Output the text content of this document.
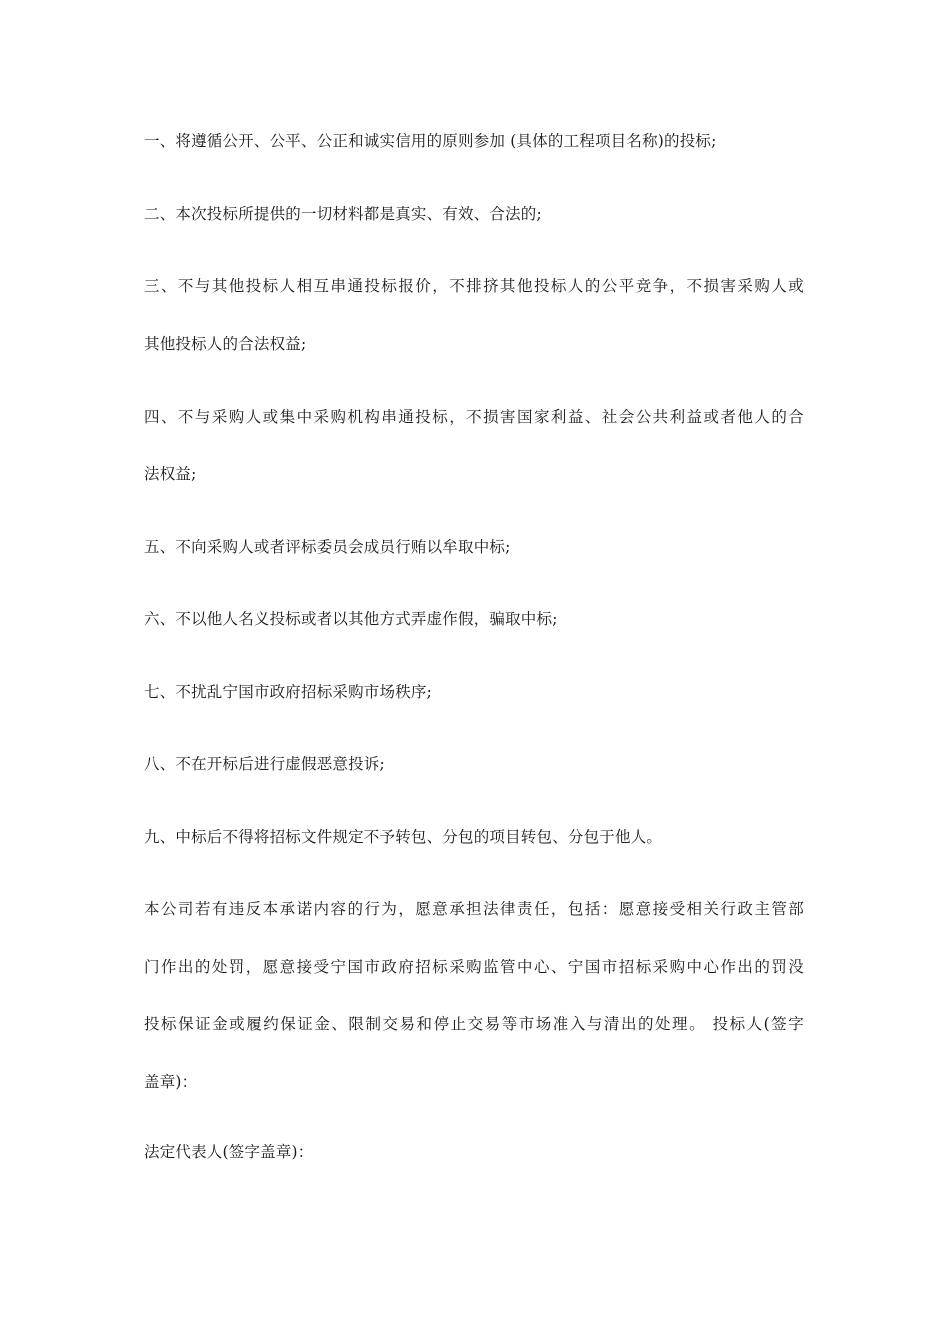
一、将遵循公开、公平、公正和诚实信用的原则参加 (具体的工程项目名称)的投标;
二、本次投标所提供的一切材料都是真实、有效、合法的;
三、不与其他投标人相互串通投标报价，不排挤其他投标人的公平竞争，不损害采购人或
其他投标人的合法权益;
四、不与采购人或集中采购机构串通投标，不损害国家利益、社会公共利益或者他人的合
法权益;
五、不向采购人或者评标委员会成员行贿以牟取中标;
六、不以他人名义投标或者以其他方式弄虚作假，骗取中标;
七、不扰乱宁国市政府招标采购市场秩序;
八、不在开标后进行虚假恶意投诉;
九、中标后不得将招标文件规定不予转包、分包的项目转包、分包于他人。
本公司若有违反本承诺内容的行为，愿意承担法律责任，包括：愿意接受相关行政主管部
门作出的处罚，愿意接受宁国市政府招标采购监管中心、宁国市招标采购中心作出的罚没
投标保证金或履约保证金、限制交易和停止交易等市场准入与清出的处理。 投标人(签字
盖章)：
法定代表人(签字盖章)：
